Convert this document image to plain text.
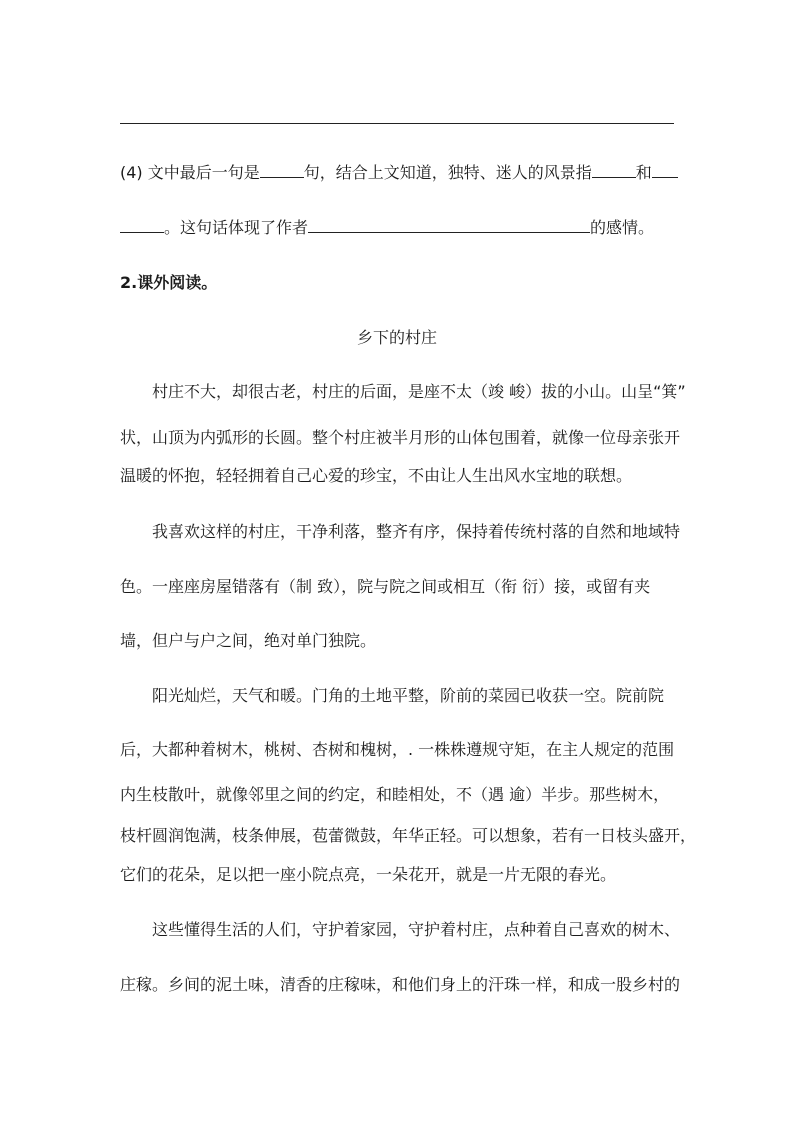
(4) 文中最后一句是	句，结合上文知道，独特、迷人的风景指	和
。这句话体现了作者	的感情。
2.课外阅读。
乡下的村庄
村庄不大，却很古老，村庄的后面，是座不太（竣 峻）拔的小山。山呈“箕”
状，山顶为内弧形的长圆。整个村庄被半月形的山体包围着，就像一位母亲张开
温暖的怀抱，轻轻拥着自己心爱的珍宝，不由让人生出风水宝地的联想。
我喜欢这样的村庄，干净利落，整齐有序，保持着传统村落的自然和地域特
色。一座座房屋错落有（制 致），院与院之间或相互（衔 衍）接，或留有夹
墙，但户与户之间，绝对单门独院。
阳光灿烂，天气和暖。门角的土地平整，阶前的菜园已收获一空。院前院
后，大都种着树木，桃树、杏树和槐树，. 一株株遵规守矩，在主人规定的范围
内生枝散叶，就像邻里之间的约定，和睦相处，不（遇 逾）半步。那些树木，
枝杆圆润饱满，枝条伸展，苞蕾微鼓，年华正轻。可以想象，若有一日枝头盛开，
它们的花朵，足以把一座小院点亮，一朵花开，就是一片无限的春光。
这些懂得生活的人们，守护着家园，守护着村庄，点种着自己喜欢的树木、
庄稼。乡间的泥土味，清香的庄稼味，和他们身上的汗珠一样，和成一股乡村的
